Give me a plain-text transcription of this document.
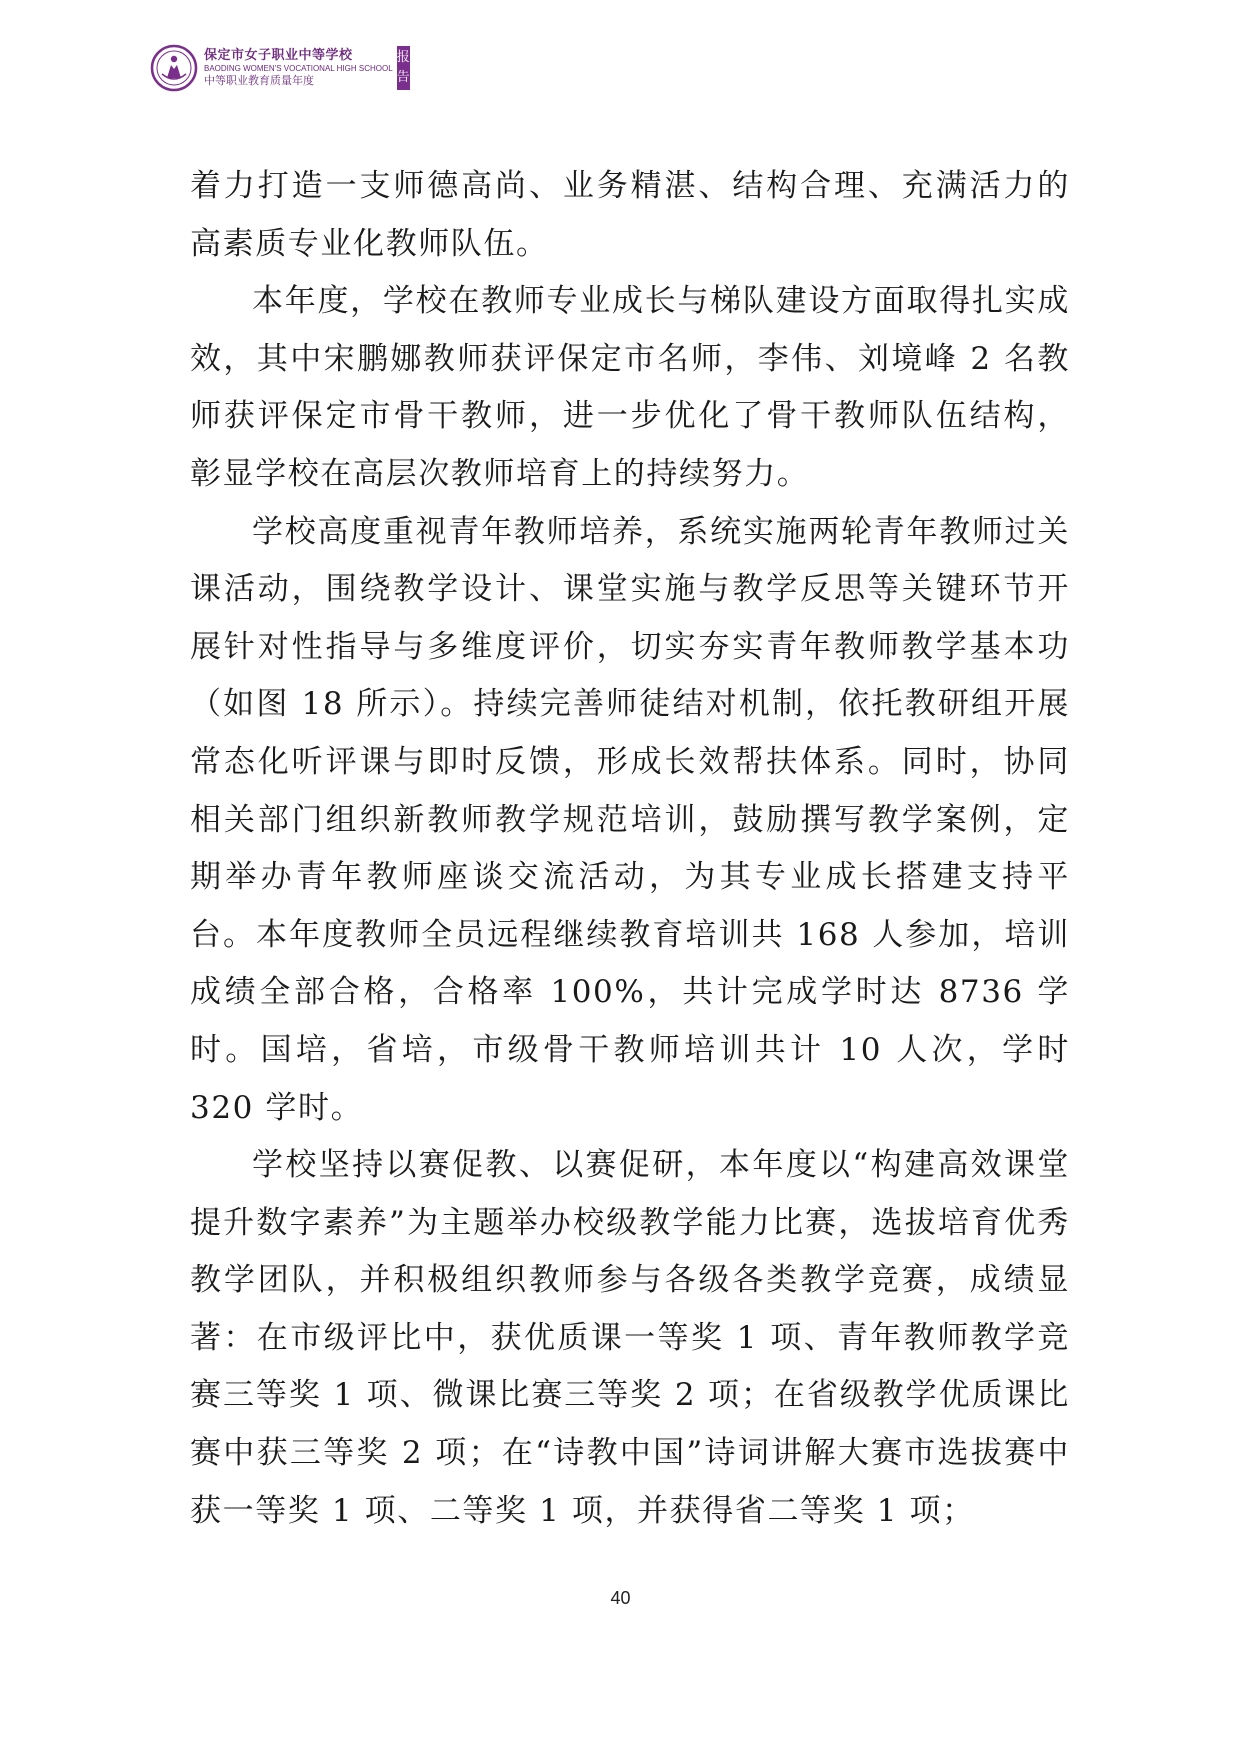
保定市女子职业中等学校
BAODING WOMEN'S VOCATIONAL HIGH SCHOOL
中等职业教育质量年度
报告

着力打造一支师德高尚、业务精湛、结构合理、充满活力的高素质专业化教师队伍。

本年度，学校在教师专业成长与梯队建设方面取得扎实成效，其中宋鹏娜教师获评保定市名师，李伟、刘境峰 2 名教师获评保定市骨干教师，进一步优化了骨干教师队伍结构，彰显学校在高层次教师培育上的持续努力。

学校高度重视青年教师培养，系统实施两轮青年教师过关课活动，围绕教学设计、课堂实施与教学反思等关键环节开展针对性指导与多维度评价，切实夯实青年教师教学基本功（如图 18 所示）。持续完善师徒结对机制，依托教研组开展常态化听评课与即时反馈，形成长效帮扶体系。同时，协同相关部门组织新教师教学规范培训，鼓励撰写教学案例，定期举办青年教师座谈交流活动，为其专业成长搭建支持平台。本年度教师全员远程继续教育培训共 168 人参加，培训成绩全部合格，合格率 100%，共计完成学时达 8736 学时。国培，省培，市级骨干教师培训共计 10 人次，学时 320 学时。

学校坚持以赛促教、以赛促研，本年度以“构建高效课堂 提升数字素养”为主题举办校级教学能力比赛，选拔培育优秀教学团队，并积极组织教师参与各级各类教学竞赛，成绩显著：在市级评比中，获优质课一等奖 1 项、青年教师教学竞赛三等奖 1 项、微课比赛三等奖 2 项；在省级教学优质课比赛中获三等奖 2 项；在“诗教中国”诗词讲解大赛市选拔赛中获一等奖 1 项、二等奖 1 项，并获得省二等奖 1 项；

40
